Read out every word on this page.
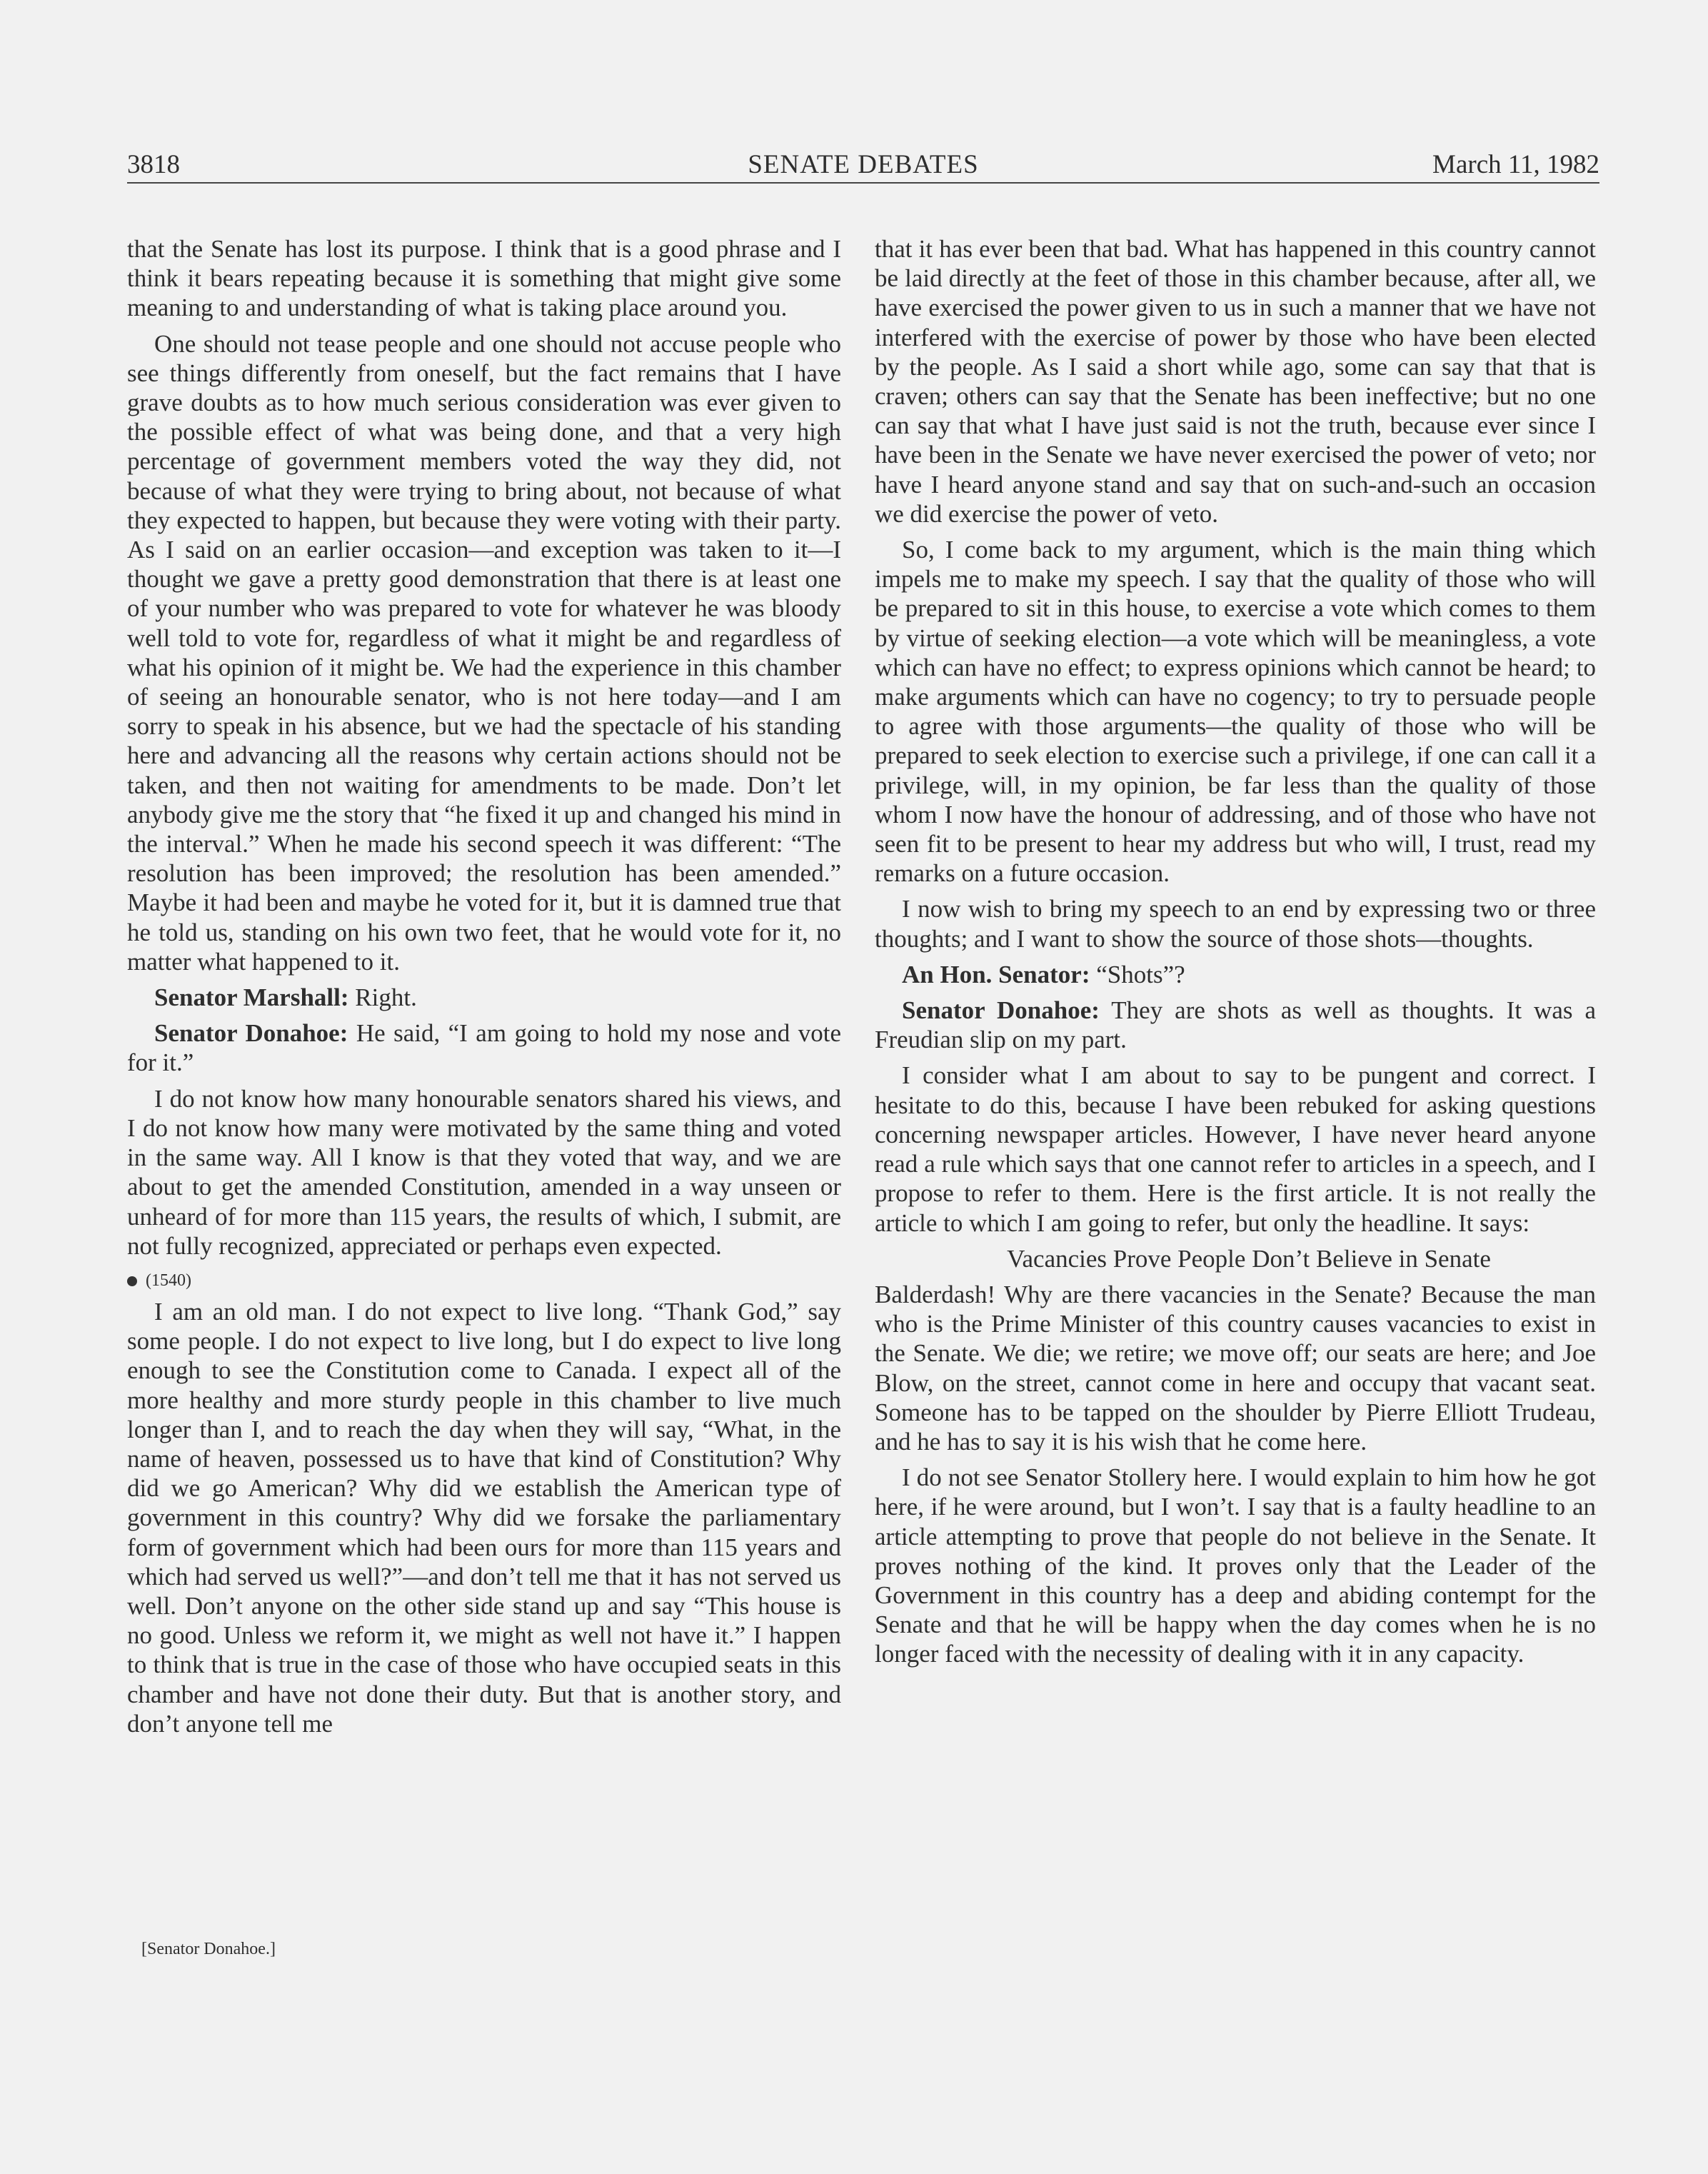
3818	SENATE DEBATES	March 11, 1982

that the Senate has lost its purpose. I think that is a good phrase and I think it bears repeating because it is something that might give some meaning to and understanding of what is taking place around you.

One should not tease people and one should not accuse people who see things differently from oneself, but the fact remains that I have grave doubts as to how much serious consideration was ever given to the possible effect of what was being done, and that a very high percentage of government members voted the way they did, not because of what they were trying to bring about, not because of what they expected to happen, but because they were voting with their party. As I said on an earlier occasion—and exception was taken to it—I thought we gave a pretty good demonstration that there is at least one of your number who was prepared to vote for whatever he was bloody well told to vote for, regardless of what it might be and regardless of what his opinion of it might be. We had the experience in this chamber of seeing an honourable senator, who is not here today—and I am sorry to speak in his absence, but we had the spectacle of his standing here and advancing all the reasons why certain actions should not be taken, and then not waiting for amendments to be made. Don’t let anybody give me the story that “he fixed it up and changed his mind in the interval.” When he made his second speech it was different: “The resolution has been improved; the resolution has been amended.” Maybe it had been and maybe he voted for it, but it is damned true that he told us, standing on his own two feet, that he would vote for it, no matter what happened to it.

Senator Marshall: Right.

Senator Donahoe: He said, “I am going to hold my nose and vote for it.”

I do not know how many honourable senators shared his views, and I do not know how many were motivated by the same thing and voted in the same way. All I know is that they voted that way, and we are about to get the amended Constitution, amended in a way unseen or unheard of for more than 115 years, the results of which, I submit, are not fully recognized, appreciated or perhaps even expected.

(1540)

I am an old man. I do not expect to live long. “Thank God,” say some people. I do not expect to live long, but I do expect to live long enough to see the Constitution come to Canada. I expect all of the more healthy and more sturdy people in this chamber to live much longer than I, and to reach the day when they will say, “What, in the name of heaven, possessed us to have that kind of Constitution? Why did we go American? Why did we establish the American type of government in this country? Why did we forsake the parliamentary form of government which had been ours for more than 115 years and which had served us well?”—and don’t tell me that it has not served us well. Don’t anyone on the other side stand up and say “This house is no good. Unless we reform it, we might as well not have it.” I happen to think that is true in the case of those who have occupied seats in this chamber and have not done their duty. But that is another story, and don’t anyone tell me

[Senator Donahoe.]

that it has ever been that bad. What has happened in this country cannot be laid directly at the feet of those in this chamber because, after all, we have exercised the power given to us in such a manner that we have not interfered with the exercise of power by those who have been elected by the people. As I said a short while ago, some can say that that is craven; others can say that the Senate has been ineffective; but no one can say that what I have just said is not the truth, because ever since I have been in the Senate we have never exercised the power of veto; nor have I heard anyone stand and say that on such-and-such an occasion we did exercise the power of veto.

So, I come back to my argument, which is the main thing which impels me to make my speech. I say that the quality of those who will be prepared to sit in this house, to exercise a vote which comes to them by virtue of seeking election—a vote which will be meaningless, a vote which can have no effect; to express opinions which cannot be heard; to make arguments which can have no cogency; to try to persuade people to agree with those arguments—the quality of those who will be prepared to seek election to exercise such a privilege, if one can call it a privilege, will, in my opinion, be far less than the quality of those whom I now have the honour of addressing, and of those who have not seen fit to be present to hear my address but who will, I trust, read my remarks on a future occasion.

I now wish to bring my speech to an end by expressing two or three thoughts; and I want to show the source of those shots—thoughts.

An Hon. Senator: “Shots”?

Senator Donahoe: They are shots as well as thoughts. It was a Freudian slip on my part.

I consider what I am about to say to be pungent and correct. I hesitate to do this, because I have been rebuked for asking questions concerning newspaper articles. However, I have never heard anyone read a rule which says that one cannot refer to articles in a speech, and I propose to refer to them. Here is the first article. It is not really the article to which I am going to refer, but only the headline. It says:

Vacancies Prove People Don’t Believe in Senate

Balderdash! Why are there vacancies in the Senate? Because the man who is the Prime Minister of this country causes vacancies to exist in the Senate. We die; we retire; we move off; our seats are here; and Joe Blow, on the street, cannot come in here and occupy that vacant seat. Someone has to be tapped on the shoulder by Pierre Elliott Trudeau, and he has to say it is his wish that he come here.

I do not see Senator Stollery here. I would explain to him how he got here, if he were around, but I won’t. I say that is a faulty headline to an article attempting to prove that people do not believe in the Senate. It proves nothing of the kind. It proves only that the Leader of the Government in this country has a deep and abiding contempt for the Senate and that he will be happy when the day comes when he is no longer faced with the necessity of dealing with it in any capacity.
